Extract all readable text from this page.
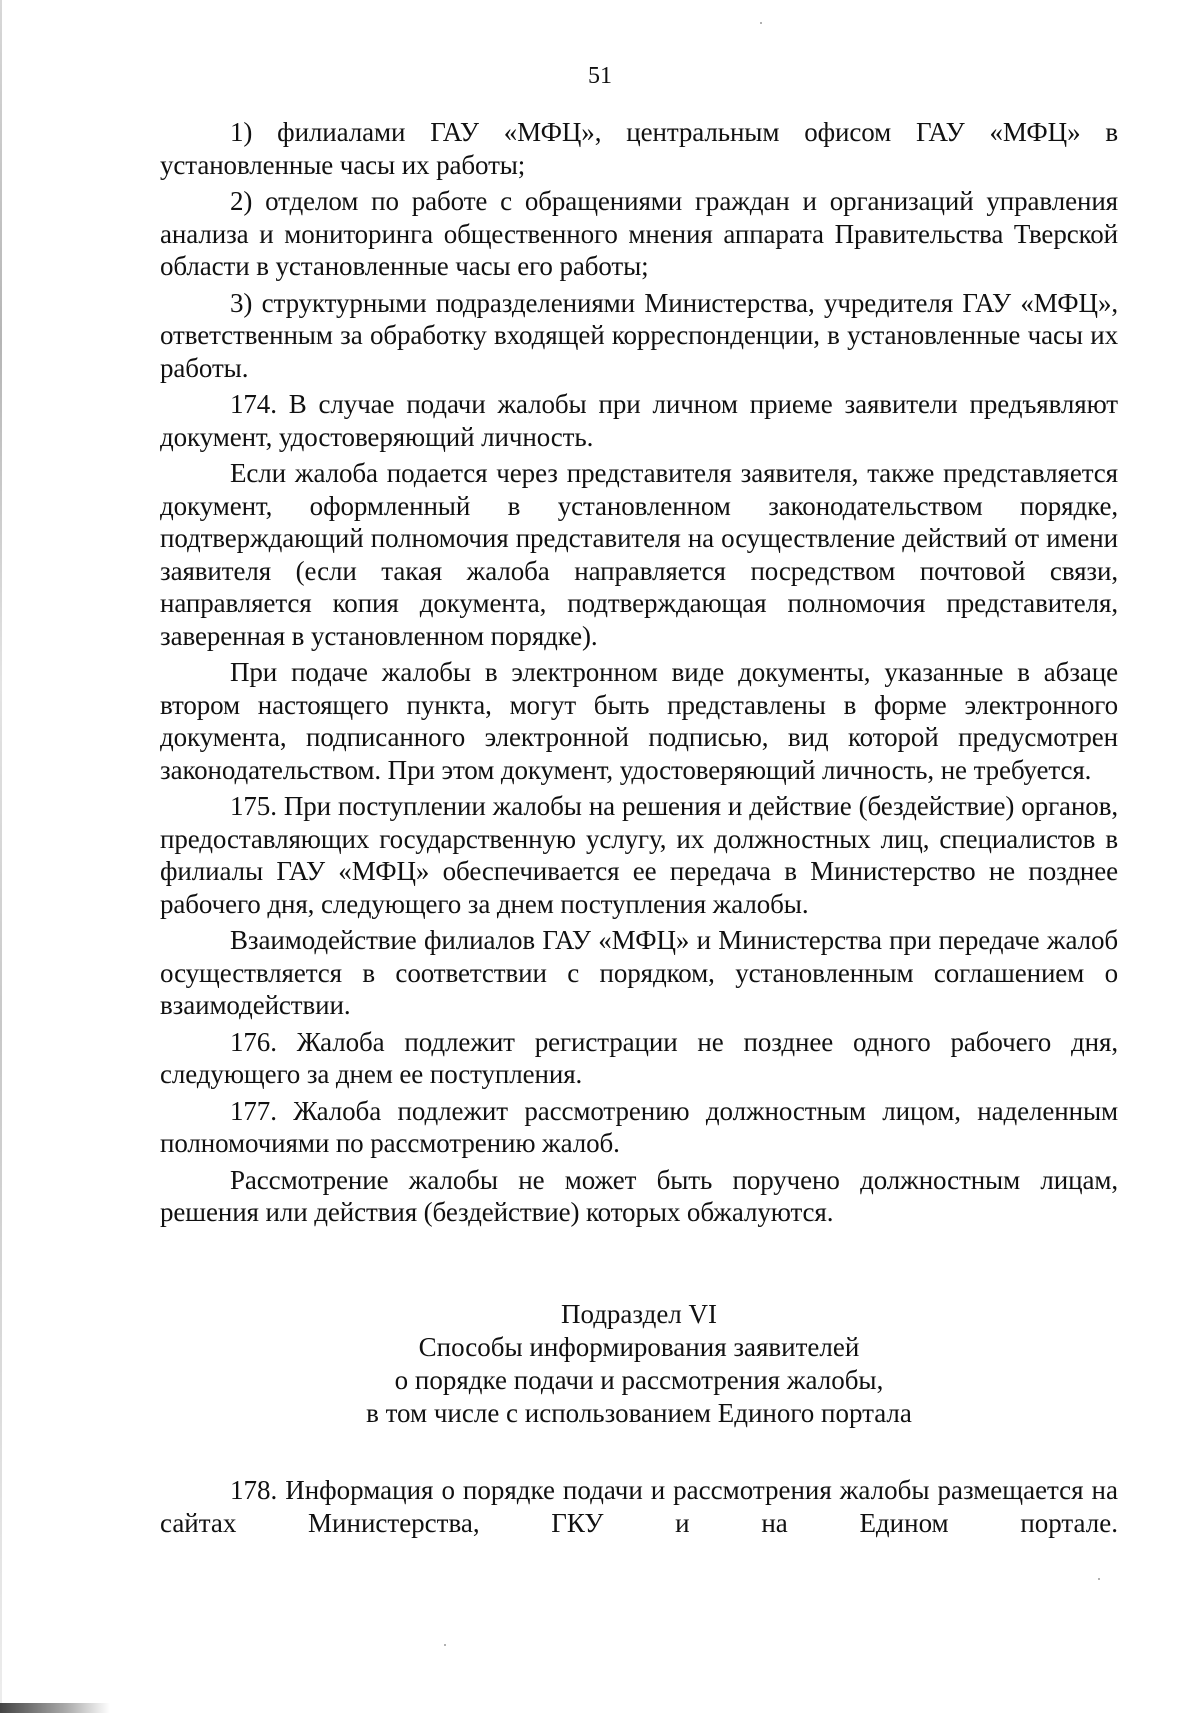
51

1) филиалами ГАУ «МФЦ», центральным офисом ГАУ «МФЦ» в установленные часы их работы;

2) отделом по работе с обращениями граждан и организаций управления анализа и мониторинга общественного мнения аппарата Правительства Тверской области в установленные часы его работы;

3) структурными подразделениями Министерства, учредителя ГАУ «МФЦ», ответственным за обработку входящей корреспонденции, в установленные часы их работы.

174. В случае подачи жалобы при личном приеме заявители предъявляют документ, удостоверяющий личность.

Если жалоба подается через представителя заявителя, также представляется документ, оформленный в установленном законодательством порядке, подтверждающий полномочия представителя на осуществление действий от имени заявителя (если такая жалоба направляется посредством почтовой связи, направляется копия документа, подтверждающая полномочия представителя, заверенная в установленном порядке).

При подаче жалобы в электронном виде документы, указанные в абзаце втором настоящего пункта, могут быть представлены в форме электронного документа, подписанного электронной подписью, вид которой предусмотрен законодательством. При этом документ, удостоверяющий личность, не требуется.

175. При поступлении жалобы на решения и действие (бездействие) органов, предоставляющих государственную услугу, их должностных лиц, специалистов в филиалы ГАУ «МФЦ» обеспечивается ее передача в Министерство не позднее рабочего дня, следующего за днем поступления жалобы.

Взаимодействие филиалов ГАУ «МФЦ» и Министерства при передаче жалоб осуществляется в соответствии с порядком, установленным соглашением о взаимодействии.

176. Жалоба подлежит регистрации не позднее одного рабочего дня, следующего за днем ее поступления.

177. Жалоба подлежит рассмотрению должностным лицом, наделенным полномочиями по рассмотрению жалоб.

Рассмотрение жалобы не может быть поручено должностным лицам, решения или действия (бездействие) которых обжалуются.

Подраздел VI
Способы информирования заявителей
о порядке подачи и рассмотрения жалобы,
в том числе с использованием Единого портала

178. Информация о порядке подачи и рассмотрения жалобы размещается на сайтах Министерства, ГКУ и на Едином портале.
